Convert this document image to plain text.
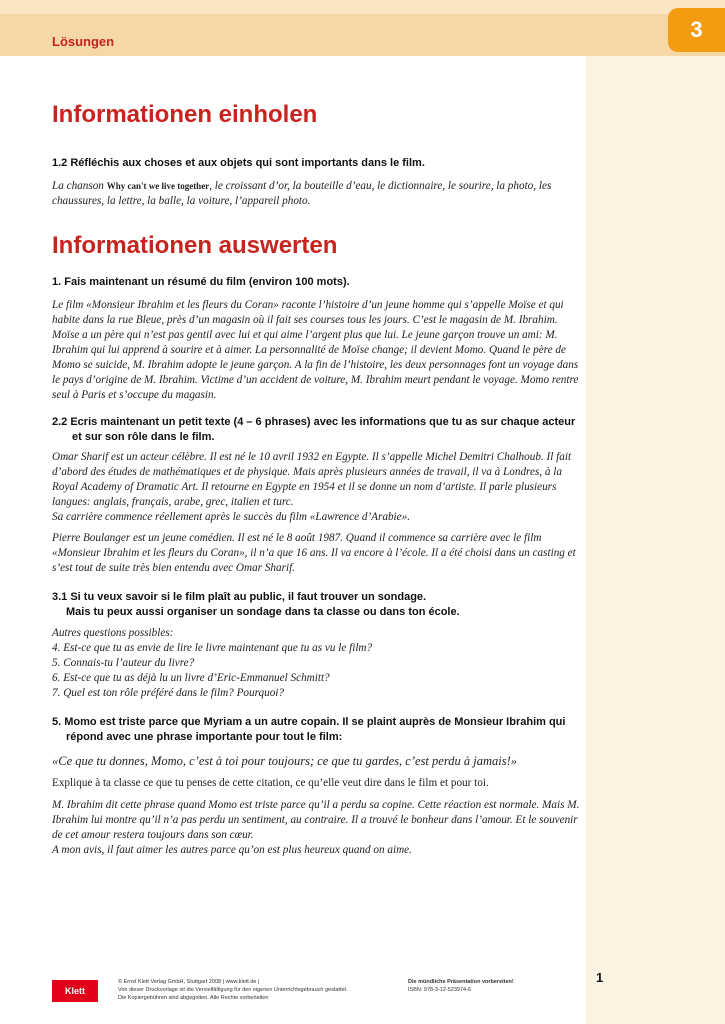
3
Lösungen
Informationen einholen
1.2 Réfléchis aux choses et aux objets qui sont importants dans le film.
La chanson Why can't we live together, le croissant d’or, la bouteille d’eau, le dictionnaire, le sourire, la photo, les chaussures, la lettre, la balle, la voiture, l’appareil photo.
Informationen auswerten
1. Fais maintenant un résumé du film (environ 100 mots).
Le film «Monsieur Ibrahim et les fleurs du Coran» raconte l’histoire d’un jeune homme qui s’appelle Moïse et qui habite dans la rue Bleue, près d’un magasin où il fait ses courses tous les jours. C’est le magasin de M. Ibrahim. Moïse a un père qui n’est pas gentil avec lui et qui aime l’argent plus que lui. Le jeune garçon trouve un ami: M. Ibrahim qui lui apprend à sourire et à aimer. La personnalité de Moïse change; il devient Momo. Quand le père de Momo se suicide, M. Ibrahim adopte le jeune garçon. A la fin de l’histoire, les deux personnages font un voyage dans le pays d’origine de M. Ibrahim. Victime d’un accident de voiture, M. Ibrahim meurt pendant le voyage. Momo rentre seul à Paris et s’occupe du magasin.
2.2 Ecris maintenant un petit texte (4 – 6 phrases) avec les informations que tu as sur chaque acteur et sur son rôle dans le film.

Omar Sharif est un acteur célèbre. Il est né le 10 avril 1932 en Egypte. Il s’appelle Michel Demitri Chalhoub. Il fait d’abord des études de mathématiques et de physique. Mais après plusieurs années de travail, il va à Londres, à la Royal Academy of Dramatic Art. Il retourne en Egypte en 1954 et il se donne un nom d’artiste. Il parle plusieurs langues: anglais, français, arabe, grec, italien et turc.

Sa carrière commence réellement après le succès du film «Lawrence d’Arabie».

Pierre Boulanger est un jeune comédien. Il est né le 8 août 1987. Quand il commence sa carrière avec le film «Monsieur Ibrahim et les fleurs du Coran», il n’a que 16 ans. Il va encore à l’école. Il a été choisi dans un casting et s’est tout de suite très bien entendu avec Omar Sharif.
3.1 Si tu veux savoir si le film plaît au public, il faut trouver un sondage.
Mais tu peux aussi organiser un sondage dans ta classe ou dans ton école.

Autres questions possibles:

4. Est-ce que tu as envie de lire le livre maintenant que tu as vu le film?

5. Connais-tu l’auteur du livre?

6. Est-ce que tu as déjà lu un livre d’Eric-Emmanuel Schmitt?

7. Quel est ton rôle préféré dans le film? Pourquoi?

5. Momo est triste parce que Myriam a un autre copain. Il se plaint auprès de Monsieur Ibrahim qui répond avec une phrase importante pour tout le film:
«Ce que tu donnes, Momo, c’est à toi pour toujours; ce que tu gardes, c’est perdu à jamais!»
Explique à ta classe ce que tu penses de cette citation, ce qu’elle veut dire dans le film et pour toi.

M. Ibrahim dit cette phrase quand Momo est triste parce qu’il a perdu sa copine. Cette réaction est normale. Mais M. Ibrahim lui montre qu’il n’a pas perdu un sentiment, au contraire. Il a trouvé le bonheur dans l’amour. Et le souvenir de cet amour restera toujours dans son cœur.

A mon avis, il faut aimer les autres parce qu’on est plus heureux quand on aime.

Klett
© Ernst Klett Verlag GmbH, Stuttgart 2008 | www.klett.de |
Von dieser Druckvorlage ist die Vervielfältigung für den eigenen Unterrichtsgebrauch gestattet.
Die Kopiergebühren sind abgegolten. Alle Rechte vorbehalten
Die mündliche Präsentation vorbereiten!
ISBN: 978-3-12-523974-6
1
